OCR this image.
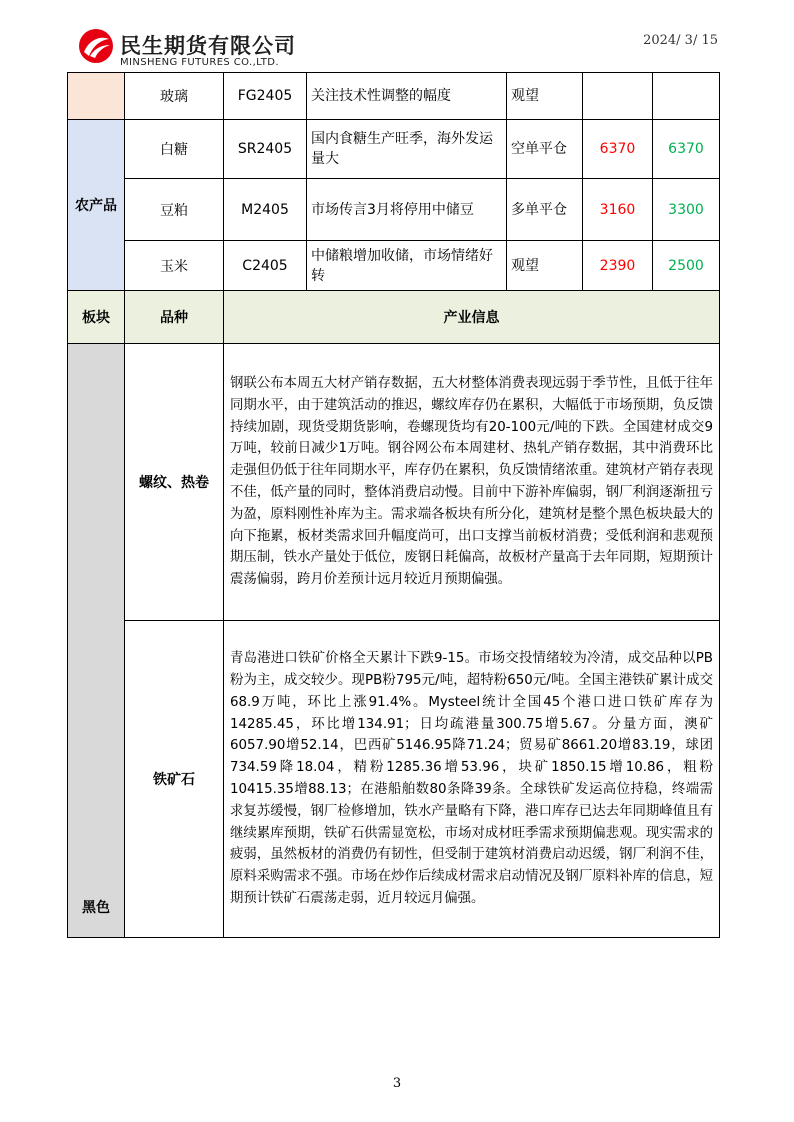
民生期货有限公司
MINSHENG FUTURES CO.,LTD.
2024/ 3/ 15
	玻璃	FG2405	关注技术性调整的幅度	观望		
农产品	白糖	SR2405	国内食糖生产旺季，海外发运量大	空单平仓	6370	6370
	豆粕	M2405	市场传言3月将停用中储豆	多单平仓	3160	3300
	玉米	C2405	中储粮增加收储，市场情绪好转	观望	2390	2500
板块	品种	产业信息				
黑色	螺纹、热卷	钢联公布本周五大材产销存数据，五大材整体消费表现远弱于季节性，且低于往年同期水平，由于建筑活动的推迟，螺纹库存仍在累积，大幅低于市场预期，负反馈持续加剧，现货受期货影响，卷螺现货均有20-100元/吨的下跌。全国建材成交9万吨，较前日减少1万吨。钢谷网公布本周建材、热轧产销存数据，其中消费环比走强但仍低于往年同期水平，库存仍在累积，负反馈情绪浓重。建筑材产销存表现不佳，低产量的同时，整体消费启动慢。目前中下游补库偏弱，钢厂利润逐渐扭亏为盈，原料刚性补库为主。需求端各板块有所分化，建筑材是整个黑色板块最大的向下拖累，板材类需求回升幅度尚可，出口支撑当前板材消费；受低利润和悲观预期压制，铁水产量处于低位，废钢日耗偏高，故板材产量高于去年同期，短期预计震荡偏弱，跨月价差预计远月较近月预期偏强。				
	铁矿石	青岛港进口铁矿价格全天累计下跌9-15。市场交投情绪较为冷清，成交品种以PB粉为主，成交较少。现PB粉795元/吨，超特粉650元/吨。全国主港铁矿累计成交68.9万吨，环比上涨91.4%。Mysteel统计全国45个港口进口铁矿库存为14285.45，环比增134.91；日均疏港量300.75增5.67。分量方面，澳矿6057.90增52.14，巴西矿5146.95降71.24；贸易矿8661.20增83.19，球团734.59降18.04，精粉1285.36增53.96，块矿1850.15增10.86，粗粉10415.35增88.13；在港船舶数80条降39条。全球铁矿发运高位持稳，终端需求复苏缓慢，钢厂检修增加，铁水产量略有下降，港口库存已达去年同期峰值且有继续累库预期，铁矿石供需显宽松，市场对成材旺季需求预期偏悲观。现实需求的疲弱，虽然板材的消费仍有韧性，但受制于建筑材消费启动迟缓，钢厂利润不佳，原料采购需求不强。市场在炒作后续成材需求启动情况及钢厂原料补库的信息，短期预计铁矿石震荡走弱，近月较远月偏强。				
3
